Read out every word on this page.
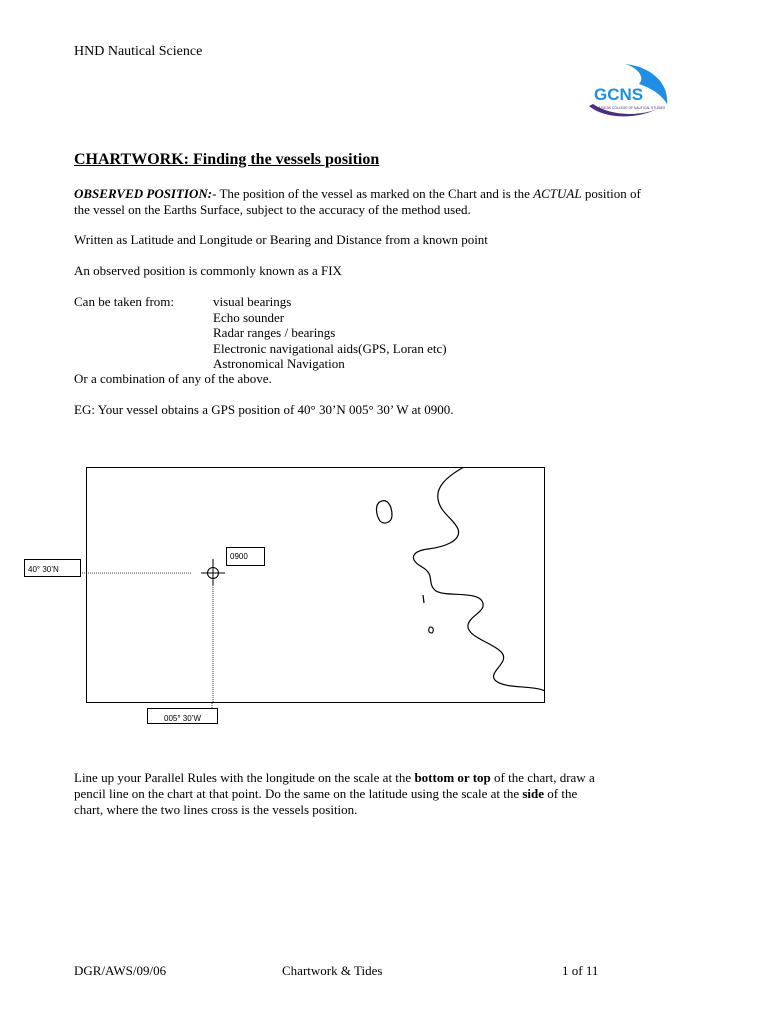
HND Nautical Science
GCNS
GLASGOW COLLEGE OF NAUTICAL STUDIES
CHARTWORK: Finding the vessels position
OBSERVED POSITION:- The position of the vessel as marked on the Chart and is the ACTUAL position of
the vessel on the Earths Surface, subject to the accuracy of the method used.
Written as Latitude and Longitude or Bearing and Distance from a known point
An observed position is commonly known as a FIX
Can be taken from:	visual bearings
Echo sounder
Radar ranges / bearings
Electronic navigational aids(GPS, Loran etc)
Astronomical Navigation
Or a combination of any of the above.
EG: Your vessel obtains a GPS position of 40° 30’N 005° 30’ W at 0900.
0900
40° 30’N
005° 30’W
Line up your Parallel Rules with the longitude on the scale at the bottom or top of the chart, draw a
pencil line on the chart at that point. Do the same on the latitude using the scale at the side of the
chart, where the two lines cross is the vessels position.
DGR/AWS/09/06	Chartwork & Tides	1 of 11
